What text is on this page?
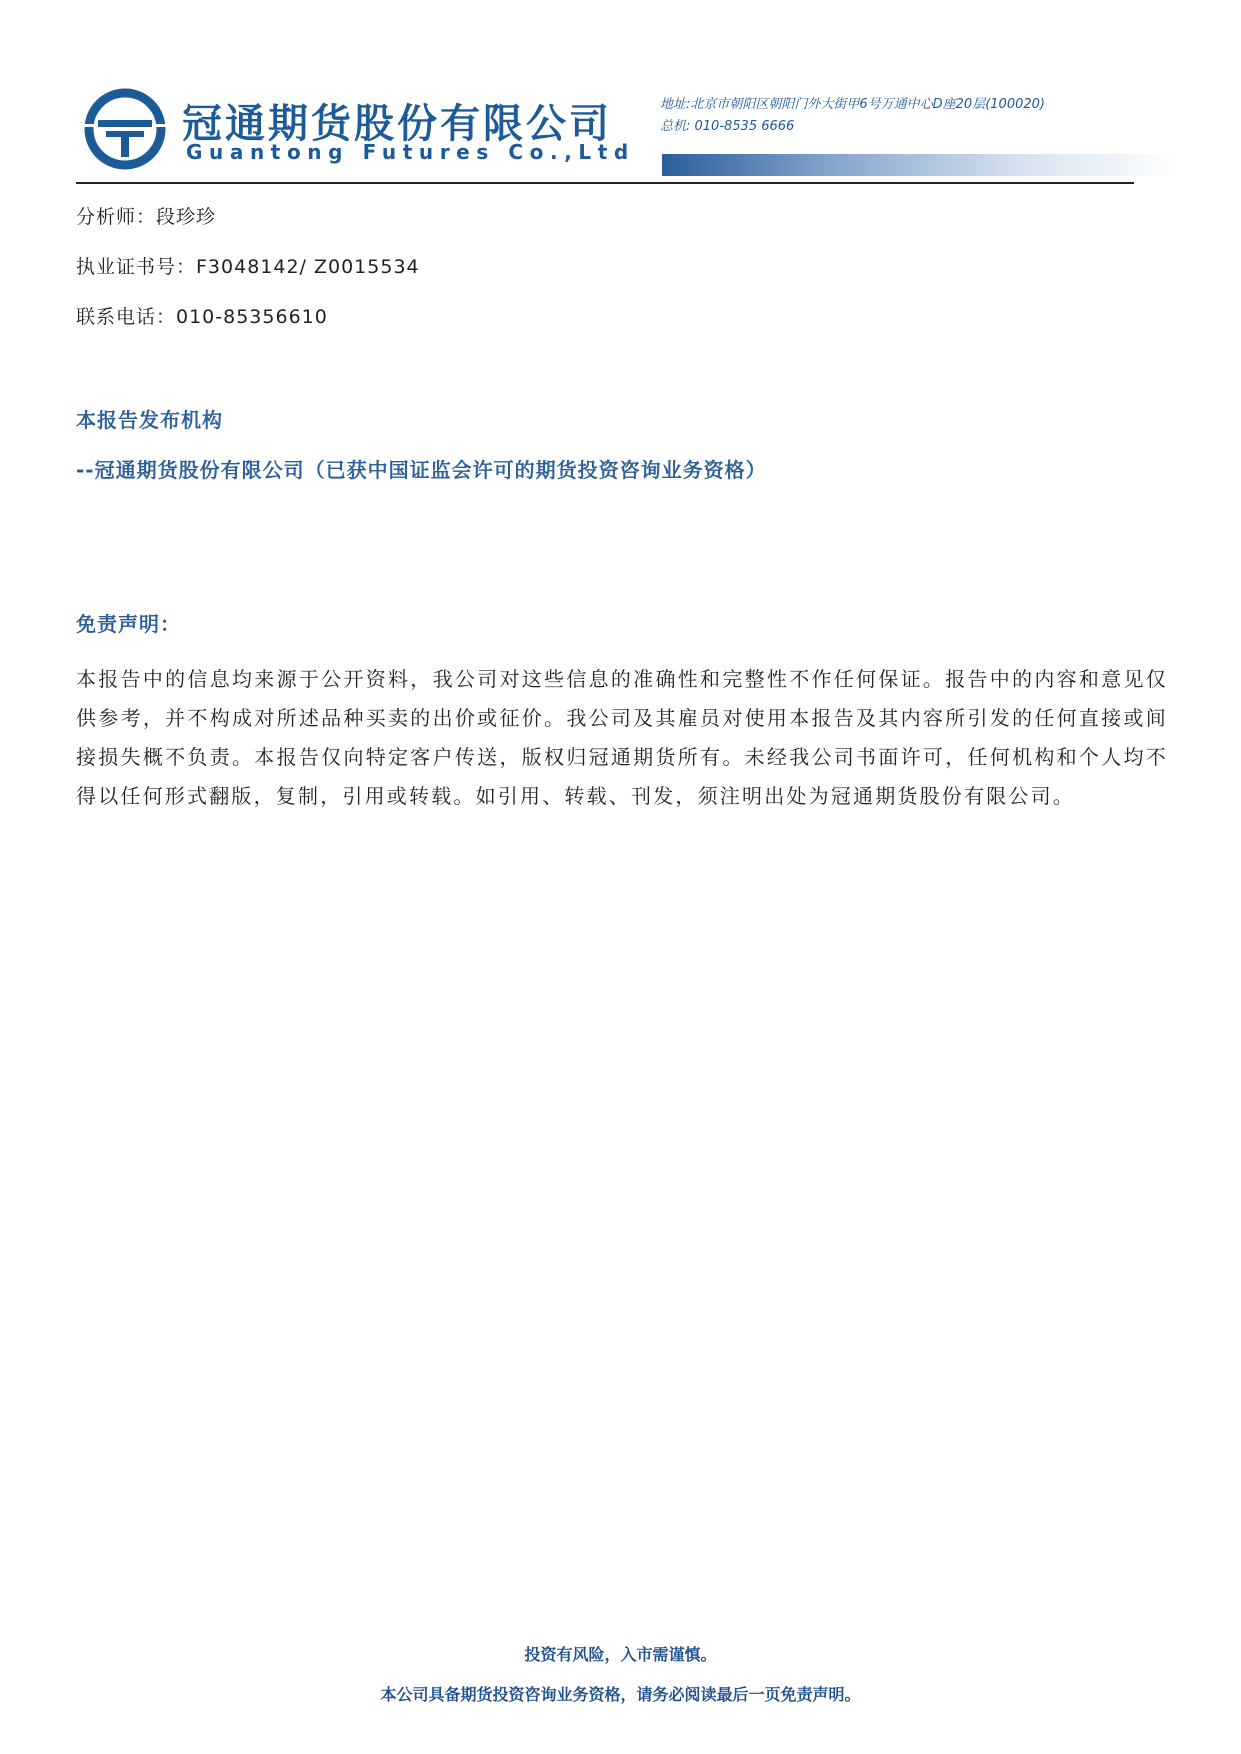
冠通期货股份有限公司
Guantong Futures Co.,Ltd
地址:北京市朝阳区朝阳门外大街甲6号万通中心D座20层(100020)
总机: 010-8535 6666
分析师：段珍珍
执业证书号：F3048142/ Z0015534
联系电话：010-85356610
本报告发布机构
--冠通期货股份有限公司（已获中国证监会许可的期货投资咨询业务资格）
免责声明：
本报告中的信息均来源于公开资料，我公司对这些信息的准确性和完整性不作任何保证。报告中的内容和意见仅供参考，并不构成对所述品种买卖的出价或征价。我公司及其雇员对使用本报告及其内容所引发的任何直接或间接损失概不负责。本报告仅向特定客户传送，版权归冠通期货所有。未经我公司书面许可，任何机构和个人均不得以任何形式翻版，复制，引用或转载。如引用、转载、刊发，须注明出处为冠通期货股份有限公司。
投资有风险，入市需谨慎。
本公司具备期货投资咨询业务资格，请务必阅读最后一页免责声明。
